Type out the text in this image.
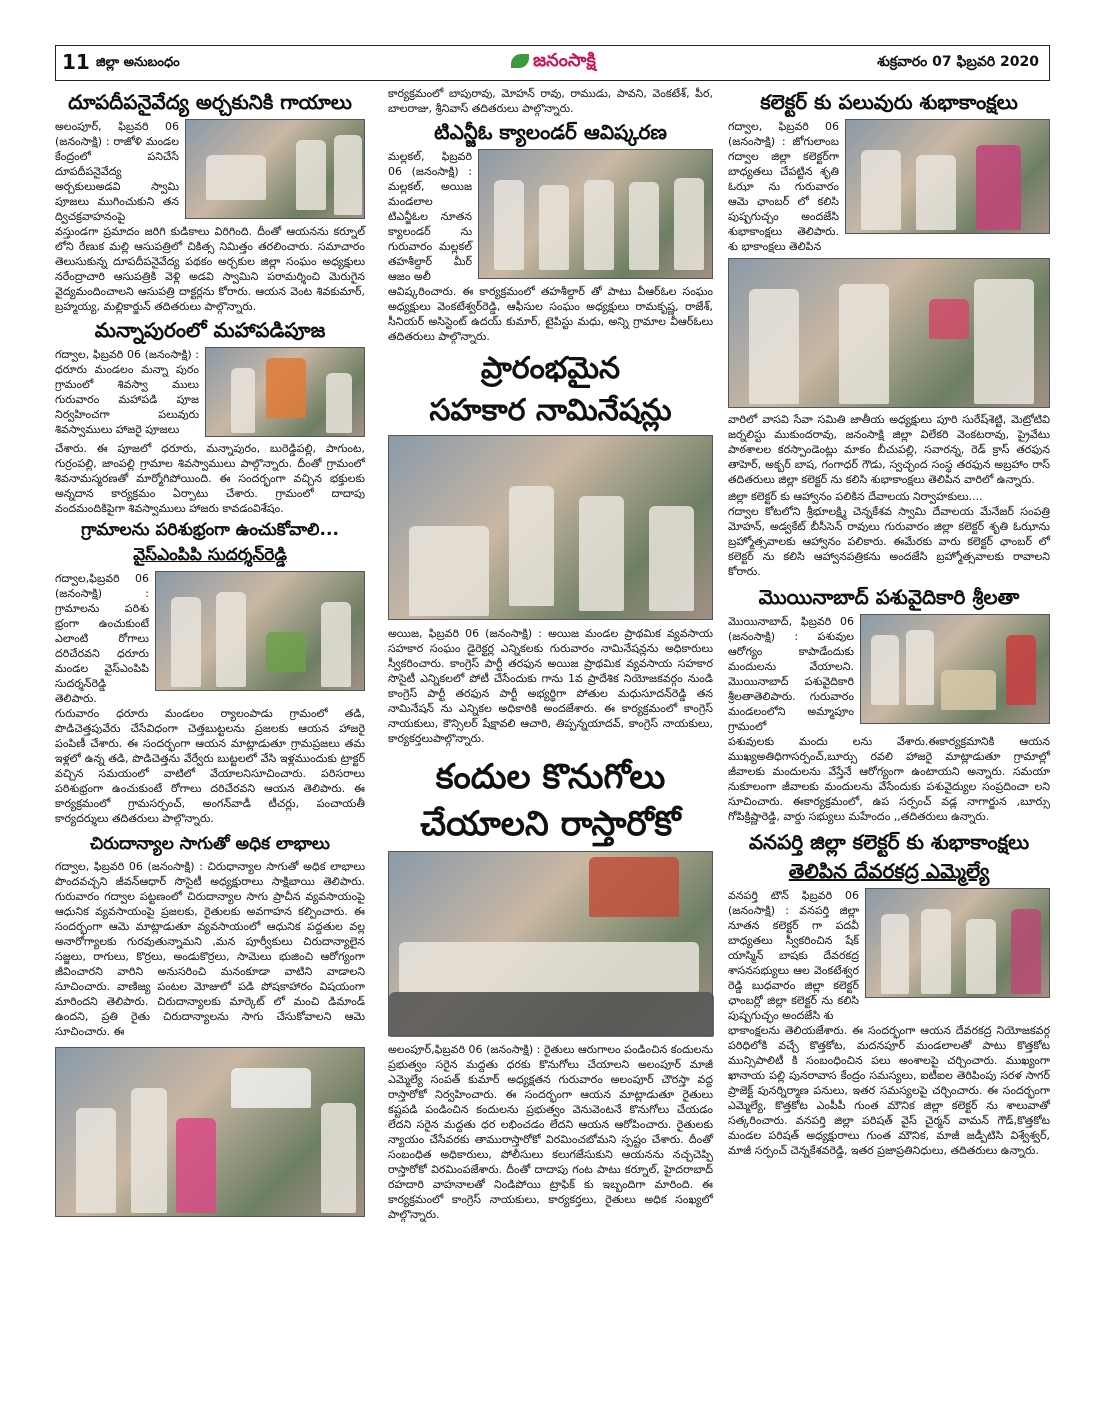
11 జిల్లా అనుబంధం	జనంసాక్షి	శుక్రవారం 07 ఫిబ్రవరి 2020
దూపదీపనైవేద్య అర్చకునికి గాయాలు

అలంపూర్, ఫిబ్రవరి 06 (జనంసాక్షి) : రాజోళి మండల కేంద్రంలో పనిచేసే దూపదీపనైవేద్య అర్చకులుఅడవి స్వామి పూజలు ముగించుకుని తన ద్విచక్రవాహనంపై

వస్తుండగా ప్రమాదం జరిగి కుడికాలు విరిగింది. దీంతో ఆయనను కర్నూల్ లోని రేణుక మల్లి ఆసుపత్రిలో చికిత్స నిమిత్తం తరలించారు. సమాచారం తెలుసుకున్న దూపదీపనైవేద్య పథకం అర్చకుల జిల్లా సంఘం అధ్యక్షులు నరేంద్రాచారి ఆసుపత్రికి వెళ్లి అడవి స్వామిని పరామర్శించి మెరుగైన వైద్యమందించాలని ఆసుపత్రి దాక్టర్లను కోరారు. ఆయన వెంట శివకుమార్, బ్రహ్మయ్య, మల్లికార్జున్ తదితరులు పాల్గొన్నారు.

మన్నాపురంలో మహాపడిపూజ

గద్వాల, ఫిబ్రవరి 06 (జనంసాక్షి) : ధరూరు మండలం మన్నా పురం గ్రామంలో శివస్వా ములు గురువారం మహాపడి పూజ నిర్వహించగా పలువురు శివస్వాములు హాజరై పూజలు

చేశారు. ఈ పూజలో ధరూరు, మన్నాపురం, బురెడ్డిపల్లి, పాగుంట, గుర్రంపల్లి, జాంపల్లి గ్రామాల శివస్వాములు పాల్గొన్నారు. దీంతో గ్రామంలో శివనామస్మరణతో మార్మోగిపోయింది. ఈ సందర్భంగా వచ్చిన భక్తులకు అన్నదాన కార్యక్రమం ఏర్పాటు చేశారు. గ్రామంలో దాదాపు వందమందికిపైగా శివస్వాములు హాజరు కావడంవిశేషం.

గ్రామాలను పరిశుభ్రంగా ఉంచుకోవాలి...
వైస్ఎంపిపి సుదర్శన్‌రెడ్డి

గద్వాల,ఫిబ్రవరి 06 (జనంసాక్షి) : గ్రామాలను పరిశు భ్రంగా ఉంచుకుంటే ఎలాంటి రోగాలు దరిచేరవని ధరూరు మండల వైస్ఎంపిపి సుదర్శన్‌రెడ్డి తెలిపారు.

గురువారం ధరూరు మండలం ర్యాలంపాడు గ్రామంలో తడి, పొడిచెత్తపువేరు చేసేవిధంగా చెత్తబుట్టలను ప్రజలకు ఆయన హాజరై పంపిణీ చేశారు. ఈ సందర్భంగా ఆయన మాట్లాడుతూ గ్రామప్రజలు తమ ఇళ్లలో ఉన్న తడి, పొడిచెత్తను వేర్వేరు బుట్టలలో వేసి ఇళ్లముందుకు ట్రాక్టర్ వచ్చిన సమయంలో వాటిలో వేయాలనిసూచించారు. పరిసరాలు పరిశుభ్రంగా ఉంచుకుంటే రోగాలు దరిచేరవని ఆయన తెలిపారు. ఈ కార్యక్రమంలో గ్రామసర్పంచ్, అంగన్‌వాడీ టీచర్లు, పంచాయతీ కార్యదర్శులు తదితరులు పాల్గొన్నారు.

చిరుదాన్యాల సాగుతో అధిక లాభాలు

గద్వాల, ఫిబ్రవరి 06 (జనంసాక్షి) : చిరుధాన్యాల సాగుతో అధిక లాభాలు పొందవచ్చని జీవన్‌ఆధార్ సొసైటీ అధ్యక్షురాలు సాక్షిబాయి తెలిపారు. గురువారం గద్వాల పట్టణంలో చిరుదాన్యాల సాగు ప్రాచీన వ్యవసాయంపై ఆధునిక వ్యవసాయంపై ప్రజలకు, రైతులకు అవగాహన కల్పించారు. ఈ సందర్భంగా ఆమె మాట్లాడుతూ వ్యవసాయంలో ఆధునిక పద్దతుల వల్ల అనారోగ్యాలకు గురవుతున్నామని ,మన పూర్వీకులు చిరుదాన్యాలైన సజ్జలు, రాగులు, కొర్రలు, అండుకొర్రలు, సామెలు భుజించి ఆరోగ్యంగా జీవించారని వారిని అనుసరించి మనంకూడా వాటిని వాడాలని సూచించారు. వాణిజ్య పంటల మోజులో పడి పోషకాహారం విషయంగా మారిందని తెలిపారు. చిరుదాన్యాలకు మార్కెట్ లో మంచి డిమాండ్ ఉందని, ప్రతి రైతు చిరుదాన్యాలను సాగు చేసుకోవాలని ఆమె సూచించారు. ఈ

కార్యక్రమంలో బాపురావు, మోహన్ రావు, రాముడు, పావని, వెంకటేశ్, పీర, బాలరాజు, శ్రీనివాస్ తదితరులు పాల్గొన్నారు.

టిఎన్జీఓ క్యాలండర్ ఆవిష్కరణ

మల్లకల్, ఫిబ్రవరి 06 (జనంసాక్షి) : మల్లకల్, అయిజ మండలాల టిఎన్జీఓల నూతన క్యాలండర్ ను గురువారం మల్లకల్ తహశీల్దార్ మీర్ ఆజం అలీ

ఆవిష్కరించారు. ఈ కార్యక్రమంలో తహశీల్దార్ తో పాటు వీఆర్ఓల సంఘం అధ్యక్షులు వెంకటేశ్వర్‌రెడ్డి, ఆఫీసుల సంఘం అధ్యక్షులు రామకృష్ణ, రాజేశ్, సీనియర్ అసిస్టెంట్ ఉదయ్ కుమార్, టైపిస్టు మధు, అన్ని గ్రామాల వీఆర్ఓలు తదితరులు పాల్గొన్నారు.

ప్రారంభమైన
సహకార నామినేషన్లు

అయిజ, ఫిబ్రవరి 06 (జనంసాక్షి) : అయిజ మండల ప్రాథమిక వ్యవసాయ సహకార సంఘం డైరెక్టర్ల ఎన్నికలకు గురువారం నామినేషన్లను అధికారులు స్వీకరించారు. కాంగ్రెస్ పార్టీ తరఫున అయిజ ప్రాథమిక వ్యవసాయ సహకార సొసైటీ ఎన్నికలలో పోటీ చేసేందుకు గాను 1వ ప్రాదేశిక నియోజకవర్గం నుండి కాంగ్రెస్ పార్టీ తరఫున పార్టీ అభ్యర్థిగా పోతుల మధుసూదన్‌రెడ్డి తన నామినేషన్ ను ఎన్నికల అధికారికి అందజేశారు. ఈ కార్యక్రమంలో కాంగ్రెస్ నాయకులు, కౌన్సిలర్ షేక్షావలి ఆచారి, తిప్పన్నయాదవ్, కాంగ్రెస్ నాయకులు, కార్యకర్తలుపాల్గొన్నారు.

కందుల కొనుగోలు
చేయాలని రాస్తారోకో

అలంపూర్,ఫిబ్రవరి 06 (జనంసాక్షి) : రైతులు ఆరుగాలం పండించిన కందులను ప్రభుత్వం సరైన మద్దతు ధరకు కొనుగోలు చేయాలని అలంపూర్ మాజీ ఎమ్మెల్యే సంపత్ కుమార్ అధ్యక్షతన గురువారం అలంపూర్ చౌరస్తా వద్ద రాస్తారోకో నిర్వహించారు. ఈ సందర్భంగా ఆయన మాట్లాడుతూ రైతులు కష్టపడి పండించిన కందులను ప్రభుత్వం వెనువెంటనే కొనుగోలు చేయడం లేదని సరైన మద్దతు ధర లభించడం లేదని ఆయన ఆరోపించారు. రైతులకు న్యాయం చేసేవరకు తామురాస్తారోకో విరమించబోమని స్పష్టం చేశారు. దీంతో సంబంధిత అధికారులు, పోలీసులు కలుగజేసుకుని ఆయనను నచ్చచెప్పి రాస్తారోకో విరమింపజేశారు. దీంతో దాదాపు గంట పాటు కర్నూల్, హైదరాబాద్ రహదారి వాహనాలతో నిండిపోయి ట్రాఫిక్ కు ఇబ్బందిగా మారింది. ఈ కార్యక్రమంలో కాంగ్రెస్ నాయకులు, కార్యకర్తలు, రైతులు అధిక సంఖ్యలో పాల్గొన్నారు.

కలెక్టర్ కు పలువురు శుభాకాంక్షలు

గద్వాల, ఫిబ్రవరి 06 (జనంసాక్షి) : జోగులాంబ గద్వాల జిల్లా కలెక్టర్‌గా బాధ్యతలు చేపట్టిన శృతి ఓఝా ను గురువారం ఆమె ఛాంబర్ లో కలిసి పుష్పగుచ్చం అందజేసి శుభాకాంక్షలు తెలిపారు. శు భాకాంక్షలు తెలిపిన

వారిలో వాసవి సేవా సమితి జాతీయ అధ్యక్షులు పూరి సురేష్‌శెట్టి, మెట్రోటివి జర్నలిస్టు ముకుందరావు, జనంసాక్షి జిల్లా విలేకరి వెంకటరావు, ప్రైవేటు పాఠశాలల కరస్పాండెంట్లు మాకం బీచుపల్లి, సవారన్న, రెడ్ క్రాస్ తరఫున తాహెర్, అక్బర్ బాష, గంగాధర్ గౌడు, స్వచ్ఛంద సంస్థ తరఫున అబ్రహాం రాస్ తదితరులు జిల్లా కలెక్టర్ ను కలిసి శుభాకాంక్షలు తెలిపిన వారిలో ఉన్నారు.

జిల్లా కలెక్టర్ కు ఆహ్వానం పలికిన దేవాలయ నిర్వాహకులు....

గద్వాల కోటలోని శ్రీభూలక్ష్మి చెన్నకేశవ స్వామి దేవాలయ మేనేజర్ సంపత్రి మోహన్, అడ్వకేట్ బీసీసెన్ రావులు గురువారం జిల్లా కలెక్టర్ శృతి ఓఝాను బ్రహ్మోత్సవాలకు ఆహ్వానం పలికారు. ఈమేరకు వారు కలెక్టర్ ఛాంబర్ లో కలెక్టర్ ను కలిసి ఆహ్వానపత్రికను అందజేసి బ్రహ్మోత్సవాలకు రావాలని కోరారు.

మొయినాబాద్ పశువైదికారి శ్రీలతా

మొయినాబాద్, ఫిబ్రవరి 06 (జనంసాక్షి) : పశువుల ఆరోగ్యం కాపాడేందుకు మందులను వేయాలని. మొయినాబాద్ పశువైదికారి శ్రీలతాతెలిపారు. గురువారం మండలంలోని అమ్మాపూం గ్రామంలో

పశువులకు మందు లను వేశారు.ఈకార్యక్రమానికి ఆయన ముఖ్యఅతిధిగాసర్పంచ్,బూర్సు రవలి హాజరై మాట్లాడుతూ గ్రామాల్లో జీవాలకు మందులను వేస్తేనే ఆరోగ్యంగా ఉంటాయని అన్నారు. సమయా నుకూలంగా జీవాలకు మందులను వేసేందుకు పశువైద్యుల సంప్రదించా లని సూచించారు. ఈకార్యక్రమంలో, ఉప సర్పంచ్ వడ్ల నాగార్జున ,బూర్సు గోపిక్రిష్ణారెడ్డి, వార్డు సభ్యులు మహేందం ,,తదితరులు ఉన్నారు.

వనపర్తి జిల్లా కలెక్టర్ కు శుభాకాంక్షలు
తెలిపిన దేవరకద్ర ఎమ్మెల్యే

వనపర్తి టౌన్ ఫిబ్రవరి 06 (జనంసాక్షి) : వనపర్తి జిల్లా నూతన కలెక్టర్ గా పదవీ బాధ్యతలు స్వీకరించిన షేక్ యాస్మిన్ బాషకు దేవరకద్ర శాసనసభ్యులు ఆల వెంకటేశ్వర రెడ్డి బుధవారం జిల్లా కలెక్టర్ ఛాంబర్లో జిల్లా కలెక్టర్ ను కలిసి పుష్పగుచ్ఛం అందజేసి శు

భాకాంక్షలను తెలియజేశారు. ఈ సందర్భంగా ఆయన దేవరకద్ర నియోజకవర్గ పరిధిలోకి వచ్చే కొత్తకోట, మదనపూర్ మండలాలతో పాటు కొత్తకోట మున్సిపాలిటీ కి సంబంధించిన పలు అంశాలపై చర్చించారు. ముఖ్యంగా ఖానాయ పల్లి పునరావాస కేంద్రం సమస్యలు, ఐటీఐల తెరిపింపు సరళ సాగర్ ప్రాజెక్ట్ పునర్నిర్మాణ పనులు, ఇతర సమస్యలపై చర్చించారు. ఈ సందర్భంగా ఎమ్మెల్యే, కొత్తకోట ఎంపీపీ గుంత మౌనిక జిల్లా కలెక్టర్ ను శాలువాతో సత్కరించారు. వనపర్తి జిల్లా పరిషత్ వైస్ చైర్మన్ వామన్ గౌడ్,కొత్తకోట మండల పరిషత్ అధ్యక్షురాలు గుంత మౌనిక, మాజీ జడ్పీటిసి విశ్వేశ్వర్, మాజీ సర్పంచ్ చెన్నకేశవరెడ్డి, ఇతర ప్రజాప్రతినిధులు, తదితరులు ఉన్నారు.
